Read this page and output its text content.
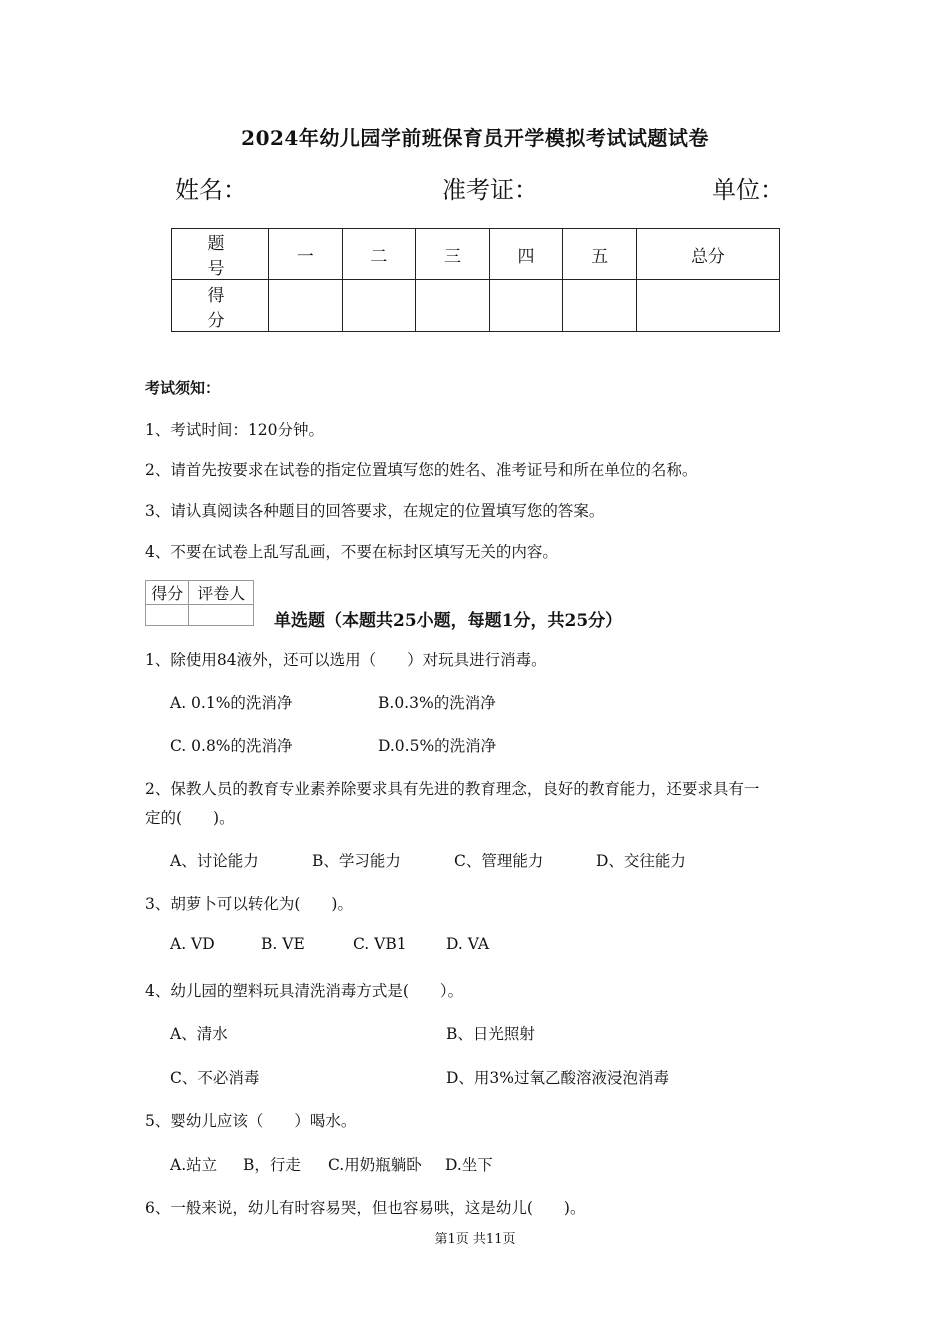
2024年幼儿园学前班保育员开学模拟考试试题试卷
姓名：	准考证：	单位：
题　号	一	二	三	四	五	总分
得　分						
考试须知：
1、考试时间：120分钟。
2、请首先按要求在试卷的指定位置填写您的姓名、准考证号和所在单位的名称。
3、请认真阅读各种题目的回答要求，在规定的位置填写您的答案。
4、不要在试卷上乱写乱画，不要在标封区填写无关的内容。
得分	评卷人

单选题（本题共25小题，每题1分，共25分）
1、除使用84液外，还可以选用（　　）对玩具进行消毒。
A. 0.1%的洗消净	B.0.3%的洗消净
C. 0.8%的洗消净	D.0.5%的洗消净
2、保教人员的教育专业素养除要求具有先进的教育理念，良好的教育能力，还要求具有一
定的(　　)。
A、讨论能力	B、学习能力	C、管理能力	D、交往能力
3、胡萝卜可以转化为(　　)。
A. VD	B. VE	C. VB1	D. VA
4、幼儿园的塑料玩具清洗消毒方式是(　　）。
A、清水	B、日光照射
C、不必消毒	D、用3%过氧乙酸溶液浸泡消毒
5、婴幼儿应该（　　）喝水。
A.站立 B，行走 C.用奶瓶躺卧 D.坐下
6、一般来说，幼儿有时容易哭，但也容易哄，这是幼儿(　　)。
第1页 共11页
